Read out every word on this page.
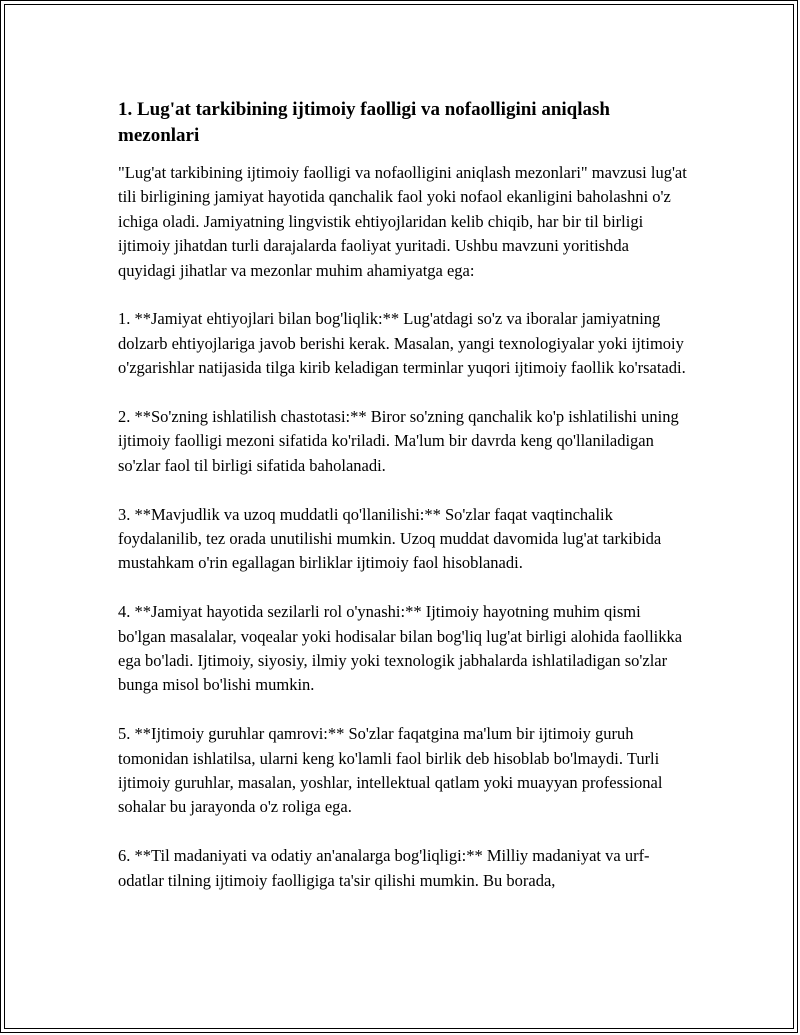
1. Lug'at tarkibining ijtimoiy faolligi va nofaolligini aniqlash mezonlari

"Lug'at tarkibining ijtimoiy faolligi va nofaolligini aniqlash mezonlari" mavzusi lug'at tili birligining jamiyat hayotida qanchalik faol yoki nofaol ekanligini baholashni o'z ichiga oladi. Jamiyatning lingvistik ehtiyojlaridan kelib chiqib, har bir til birligi ijtimoiy jihatdan turli darajalarda faoliyat yuritadi. Ushbu mavzuni yoritishda quyidagi jihatlar va mezonlar muhim ahamiyatga ega:

1. **Jamiyat ehtiyojlari bilan bog'liqlik:** Lug'atdagi so'z va iboralar jamiyatning dolzarb ehtiyojlariga javob berishi kerak. Masalan, yangi texnologiyalar yoki ijtimoiy o'zgarishlar natijasida tilga kirib keladigan terminlar yuqori ijtimoiy faollik ko'rsatadi.

2. **So'zning ishlatilish chastotasi:** Biror so'zning qanchalik ko'p ishlatilishi uning ijtimoiy faolligi mezoni sifatida ko'riladi. Ma'lum bir davrda keng qo'llaniladigan so'zlar faol til birligi sifatida baholanadi.

3. **Mavjudlik va uzoq muddatli qo'llanilishi:** So'zlar faqat vaqtinchalik foydalanilib, tez orada unutilishi mumkin. Uzoq muddat davomida lug'at tarkibida mustahkam o'rin egallagan birliklar ijtimoiy faol hisoblanadi.

4. **Jamiyat hayotida sezilarli rol o'ynashi:** Ijtimoiy hayotning muhim qismi bo'lgan masalalar, voqealar yoki hodisalar bilan bog'liq lug'at birligi alohida faollikka ega bo'ladi. Ijtimoiy, siyosiy, ilmiy yoki texnologik jabhalarda ishlatiladigan so'zlar bunga misol bo'lishi mumkin.

5. **Ijtimoiy guruhlar qamrovi:** So'zlar faqatgina ma'lum bir ijtimoiy guruh tomonidan ishlatilsa, ularni keng ko'lamli faol birlik deb hisoblab bo'lmaydi. Turli ijtimoiy guruhlar, masalan, yoshlar, intellektual qatlam yoki muayyan professional sohalar bu jarayonda o'z roliga ega.

6. **Til madaniyati va odatiy an'analarga bog'liqligi:** Milliy madaniyat va urf-odatlar tilning ijtimoiy faolligiga ta'sir qilishi mumkin. Bu borada,
